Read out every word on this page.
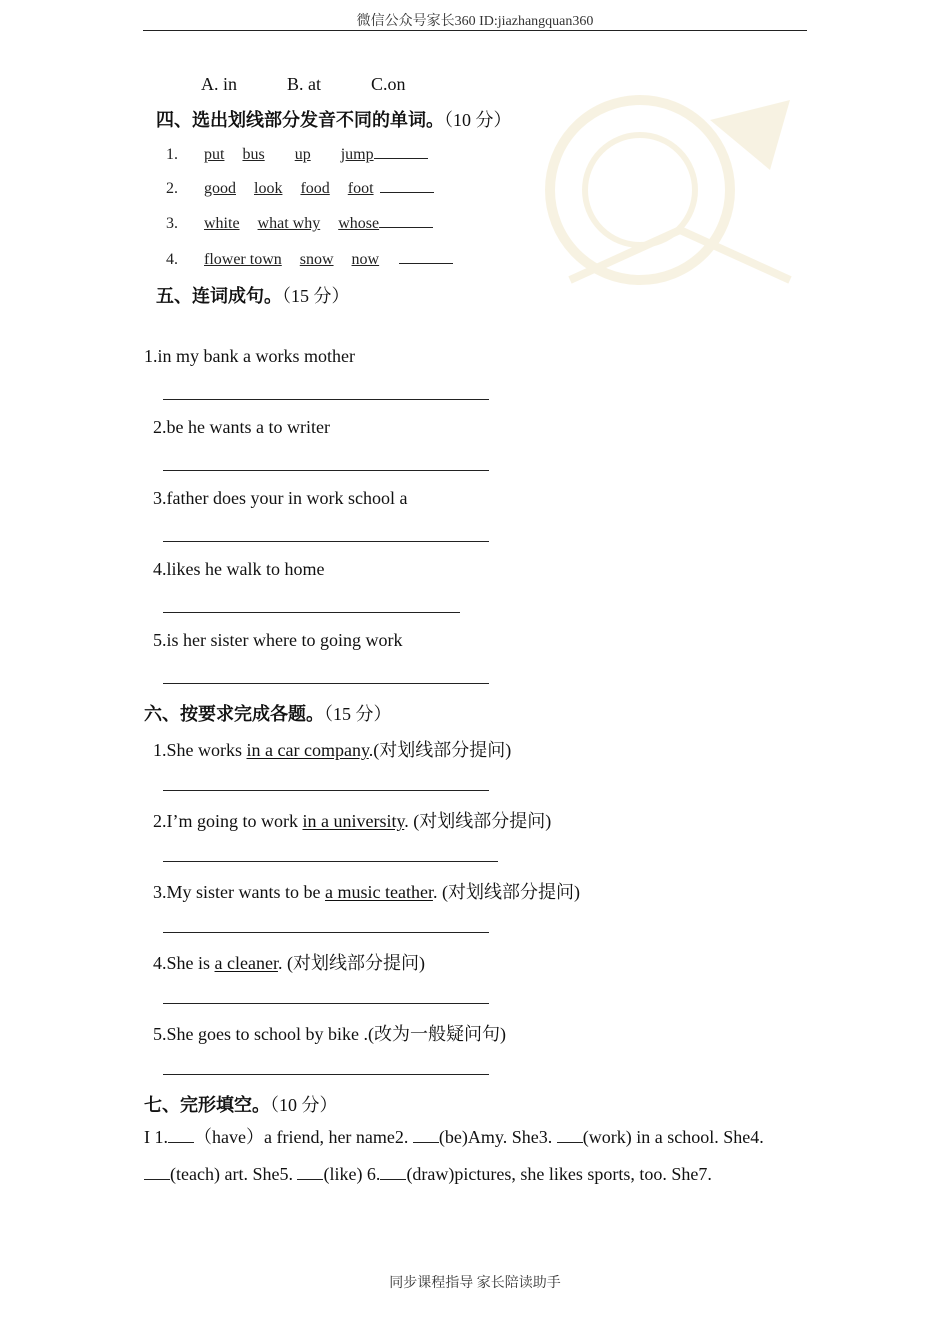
微信公众号家长360 ID:jiazhangquan360
A. in	B. at	C.on
四、选出划线部分发音不同的单词。（10 分）
1. put bus up jump
2. good look food foot
3. white what why whose
4. flower town snow now
五、连词成句。（15 分）
1.in my bank a works mother
2.be he wants a to writer
3.father does your in work school a
4.likes he walk to home
5.is her sister where to going work
六、按要求完成各题。（15 分）
1.She works in a car company.(对划线部分提问)
2.I’m going to work in a university. (对划线部分提问)
3.My sister wants to be a music teather. (对划线部分提问)
4.She is a cleaner. (对划线部分提问)
5.She goes to school by bike .(改为一般疑问句)
七、完形填空。（10 分）
I 1. （have）a friend, her name2. (be)Amy. She3. (work) in a school. She4.
(teach) art. She5. (like) 6. (draw)pictures, she likes sports, too. She7.
同步课程指导 家长陪读助手
